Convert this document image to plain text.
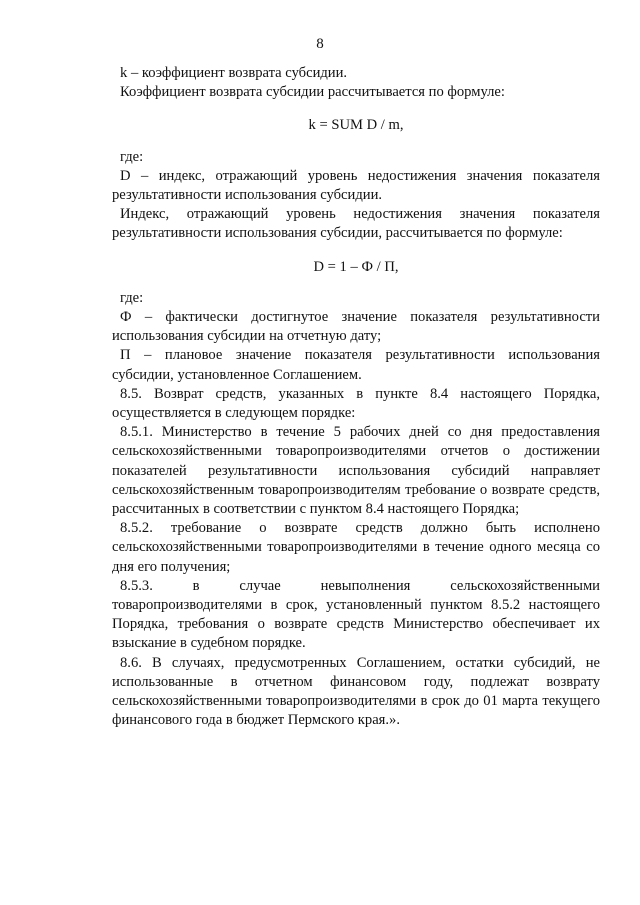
8

k – коэффициент возврата субсидии.

Коэффициент возврата субсидии рассчитывается по формуле:

k = SUM D / m,

где:

D – индекс, отражающий уровень недостижения значения показателя результативности использования субсидии.

Индекс, отражающий уровень недостижения значения показателя результативности использования субсидии, рассчитывается по формуле:

D = 1 – Ф / П,

где:

Ф – фактически достигнутое значение показателя результативности использования субсидии на отчетную дату;

П – плановое значение показателя результативности использования субсидии, установленное Соглашением.

8.5. Возврат средств, указанных в пункте 8.4 настоящего Порядка, осуществляется в следующем порядке:

8.5.1. Министерство в течение 5 рабочих дней со дня предоставления сельскохозяйственными товаропроизводителями отчетов о достижении показателей результативности использования субсидий направляет сельскохозяйственным товаропроизводителям требование о возврате средств, рассчитанных в соответствии с пунктом 8.4 настоящего Порядка;

8.5.2. требование о возврате средств должно быть исполнено сельскохозяйственными товаропроизводителями в течение одного месяца со дня его получения;

8.5.3. в случае невыполнения сельскохозяйственными товаропроизводителями в срок, установленный пунктом 8.5.2 настоящего Порядка, требования о возврате средств Министерство обеспечивает их взыскание в судебном порядке.

8.6. В случаях, предусмотренных Соглашением, остатки субсидий, не использованные в отчетном финансовом году, подлежат возврату сельскохозяйственными товаропроизводителями в срок до 01 марта текущего финансового года в бюджет Пермского края.».
